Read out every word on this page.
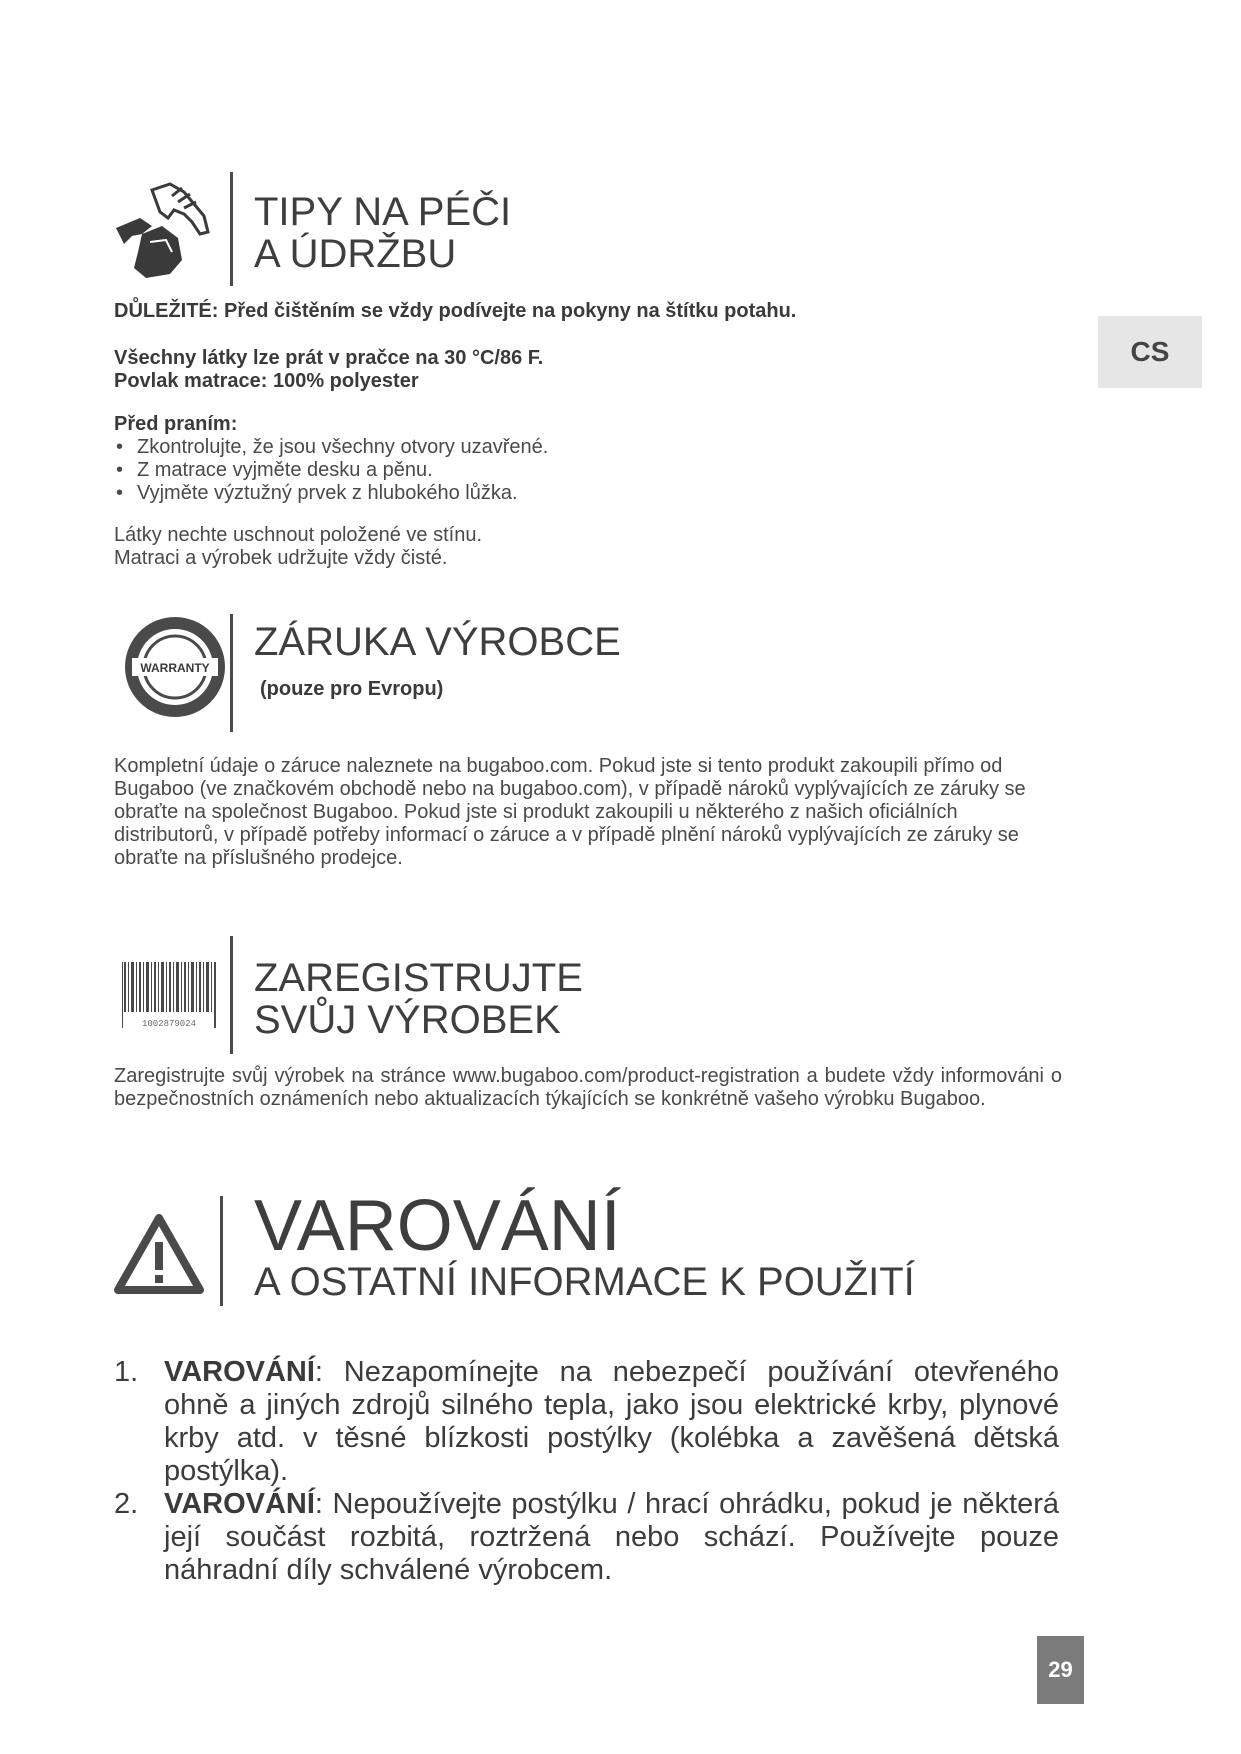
TIPY NA PÉČI
A ÚDRŽBU
DŮLEŽITÉ: Před čištěním se vždy podívejte na pokyny na štítku potahu.
Všechny látky lze prát v pračce na 30 °C/86 F.
Povlak matrace: 100% polyester
Před praním:
• Zkontrolujte, že jsou všechny otvory uzavřené.
• Z matrace vyjměte desku a pěnu.
• Vyjměte výztužný prvek z hlubokého lůžka.
Látky nechte uschnout položené ve stínu.
Matraci a výrobek udržujte vždy čisté.
CS
WARRANTY
ZÁRUKA VÝROBCE
(pouze pro Evropu)
Kompletní údaje o záruce naleznete na bugaboo.com. Pokud jste si tento produkt zakoupili přímo od Bugaboo (ve značkovém obchodě nebo na bugaboo.com), v případě nároků vyplývajících ze záruky se obraťte na společnost Bugaboo. Pokud jste si produkt zakoupili u některého z našich oficiálních distributorů, v případě potřeby informací o záruce a v případě plnění nároků vyplývajících ze záruky se obraťte na příslušného prodejce.
1002879024
ZAREGISTRUJTE
SVŮJ VÝROBEK
Zaregistrujte svůj výrobek na stránce www.bugaboo.com/product-registration a budete vždy informováni o bezpečnostních oznámeních nebo aktualizacích týkajících se konkrétně vašeho výrobku Bugaboo.
VAROVÁNÍ
A OSTATNÍ INFORMACE K POUŽITÍ
1. VAROVÁNÍ: Nezapomínejte na nebezpečí používání otevřeného ohně a jiných zdrojů silného tepla, jako jsou elektrické krby, plynové krby atd. v těsné blízkosti postýlky (kolébka a zavěšená dětská postýlka).
2. VAROVÁNÍ: Nepoužívejte postýlku / hrací ohrádku, pokud je některá její součást rozbitá, roztržená nebo schází. Používejte pouze náhradní díly schválené výrobcem.
29
